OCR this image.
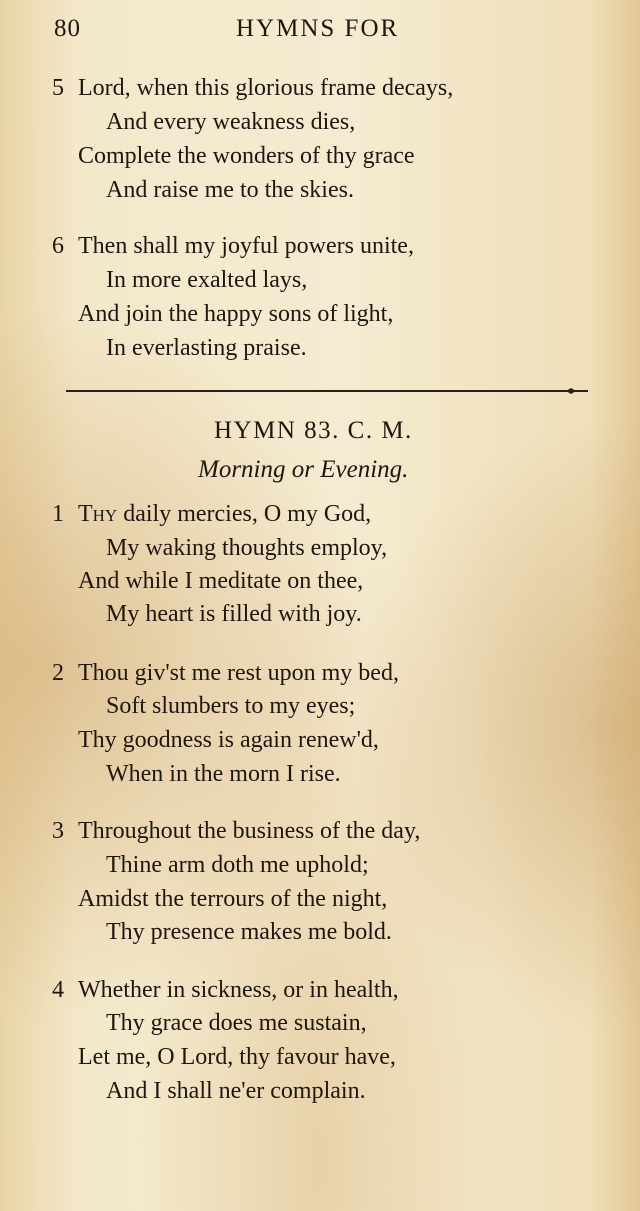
80	HYMNS FOR
5 Lord, when this glorious frame decays,
And every weakness dies,
Complete the wonders of thy grace
And raise me to the skies.
6 Then shall my joyful powers unite,
In more exalted lays,
And join the happy sons of light,
In everlasting praise.
HYMN 83. C. M.
Morning or Evening.
1 Thy daily mercies, O my God,
My waking thoughts employ,
And while I meditate on thee,
My heart is filled with joy.
2 Thou giv'st me rest upon my bed,
Soft slumbers to my eyes;
Thy goodness is again renew'd,
When in the morn I rise.
3 Throughout the business of the day,
Thine arm doth me uphold;
Amidst the terrours of the night,
Thy presence makes me bold.
4 Whether in sickness, or in health,
Thy grace does me sustain,
Let me, O Lord, thy favour have,
And I shall ne'er complain.
